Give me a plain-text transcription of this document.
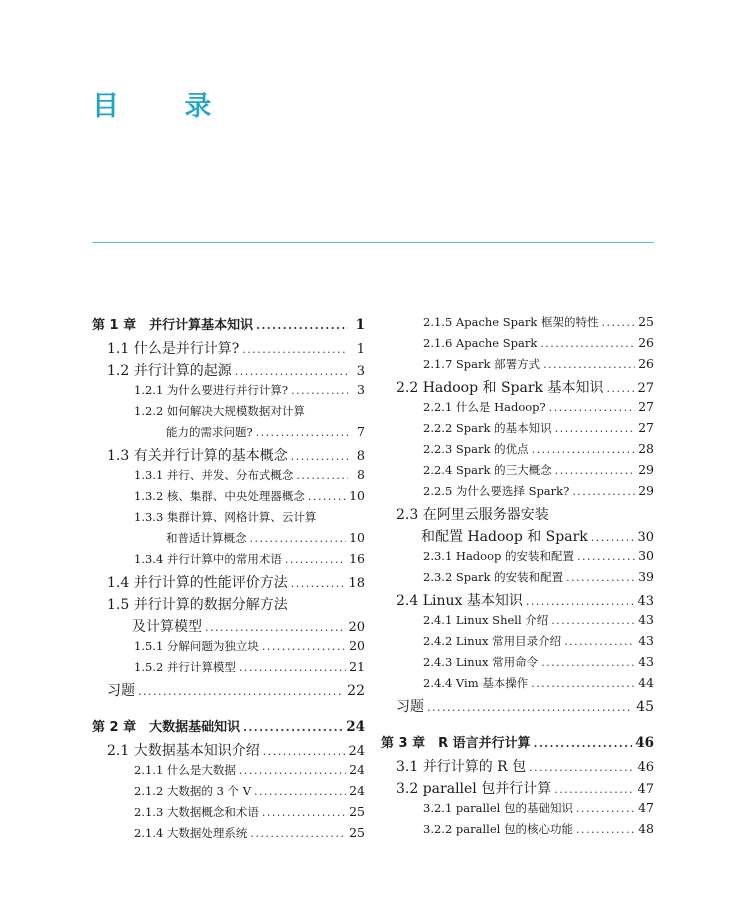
目 录
第 1 章　并行计算基本知识 .....	1
1.1 什么是并行计算? .....	1
1.2 并行计算的起源 .....	3
1.2.1 为什么要进行并行计算? .....	3
1.2.2 如何解决大规模数据对计算
能力的需求问题? .....	7
1.3 有关并行计算的基本概念 .....	8
1.3.1 并行、并发、分布式概念 .....	8
1.3.2 核、集群、中央处理器概念 .....	10
1.3.3 集群计算、网格计算、云计算
和普适计算概念 .....	10
1.3.4 并行计算中的常用术语 .....	16
1.4 并行计算的性能评价方法 .....	18
1.5 并行计算的数据分解方法
及计算模型 .....	20
1.5.1 分解问题为独立块 .....	20
1.5.2 并行计算模型 .....	21
习题 .....	22
第 2 章　大数据基础知识 .....	24
2.1 大数据基本知识介绍 .....	24
2.1.1 什么是大数据 .....	24
2.1.2 大数据的 3 个 V .....	24
2.1.3 大数据概念和术语 .....	25
2.1.4 大数据处理系统 .....	25
2.1.5 Apache Spark 框架的特性 .....	25
2.1.6 Apache Spark .....	26
2.1.7 Spark 部署方式 .....	26
2.2 Hadoop 和 Spark 基本知识 .....	27
2.2.1 什么是 Hadoop? .....	27
2.2.2 Spark 的基本知识 .....	27
2.2.3 Spark 的优点 .....	28
2.2.4 Spark 的三大概念 .....	29
2.2.5 为什么要选择 Spark? .....	29
2.3 在阿里云服务器安装
和配置 Hadoop 和 Spark .....	30
2.3.1 Hadoop 的安装和配置 .....	30
2.3.2 Spark 的安装和配置 .....	39
2.4 Linux 基本知识 .....	43
2.4.1 Linux Shell 介绍 .....	43
2.4.2 Linux 常用目录介绍 .....	43
2.4.3 Linux 常用命令 .....	43
2.4.4 Vim 基本操作 .....	44
习题 .....	45
第 3 章　R 语言并行计算 .....	46
3.1 并行计算的 R 包 .....	46
3.2 parallel 包并行计算 .....	47
3.2.1 parallel 包的基础知识 .....	47
3.2.2 parallel 包的核心功能 .....	48
